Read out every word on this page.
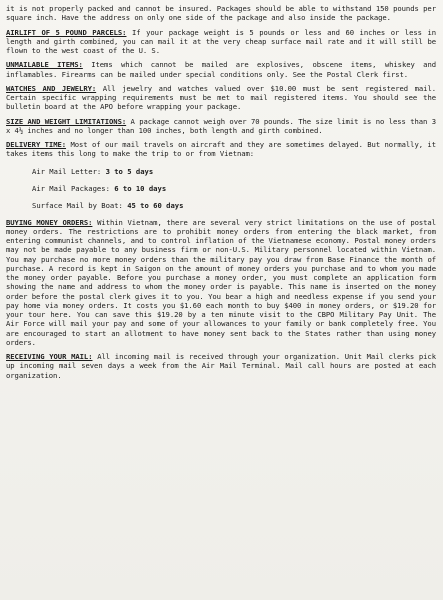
it is not properly packed and cannot be insured. Packages should be able to withstand 150 pounds per square inch. Have the address on only one side of the package and also inside the package.

AIRLIFT OF 5 POUND PARCELS: If your package weight is 5 pounds or less and 60 inches or less in length and girth combined, you can mail it at the very cheap surface mail rate and it will still be flown to the west coast of the U. S.

UNMAILABLE ITEMS: Items which cannot be mailed are explosives, obscene items, whiskey and inflamables. Firearms can be mailed under special conditions only. See the Postal Clerk first.

WATCHES AND JEWELRY: All jewelry and watches valued over $10.00 must be sent registered mail. Certain specific wrapping requirements must be met to mail registered items. You should see the bulletin board at the APO before wrapping your package.

SIZE AND WEIGHT LIMITATIONS: A package cannot weigh over 70 pounds. The size limit is no less than 3 x 4½ inches and no longer than 100 inches, both length and girth combined.

DELIVERY TIME: Most of our mail travels on aircraft and they are sometimes delayed. But normally, it takes items this long to make the trip to or from Vietnam:

Air Mail Letter: 3 to 5 days
Air Mail Packages: 6 to 10 days
Surface Mail by Boat: 45 to 60 days

BUYING MONEY ORDERS: Within Vietnam, there are several very strict limitations on the use of postal money orders. The restrictions are to prohibit money orders from entering the black market, from entering communist channels, and to control inflation of the Vietnamese economy. Postal money orders may not be made payable to any business firm or non-U.S. Military personnel located within Vietnam. You may purchase no more money orders than the military pay you draw from Base Finance the month of purchase. A record is kept in Saigon on the amount of money orders you purchase and to whom you made the money order payable. Before you purchase a money order, you must complete an application form showing the name and address to whom the money order is payable. This name is inserted on the money order before the postal clerk gives it to you. You bear a high and needless expense if you send your pay home via money orders. It costs you $1.60 each month to buy $400 in money orders, or $19.20 for your tour here. You can save this $19.20 by a ten minute visit to the CBPO Military Pay Unit. The Air Force will mail your pay and some of your allowances to your family or bank completely free. You are encouraged to start an allotment to have money sent back to the States rather than using money orders.

RECEIVING YOUR MAIL: All incoming mail is received through your organization. Unit Mail clerks pick up incoming mail seven days a week from the Air Mail Terminal. Mail call hours are posted at each organization.
